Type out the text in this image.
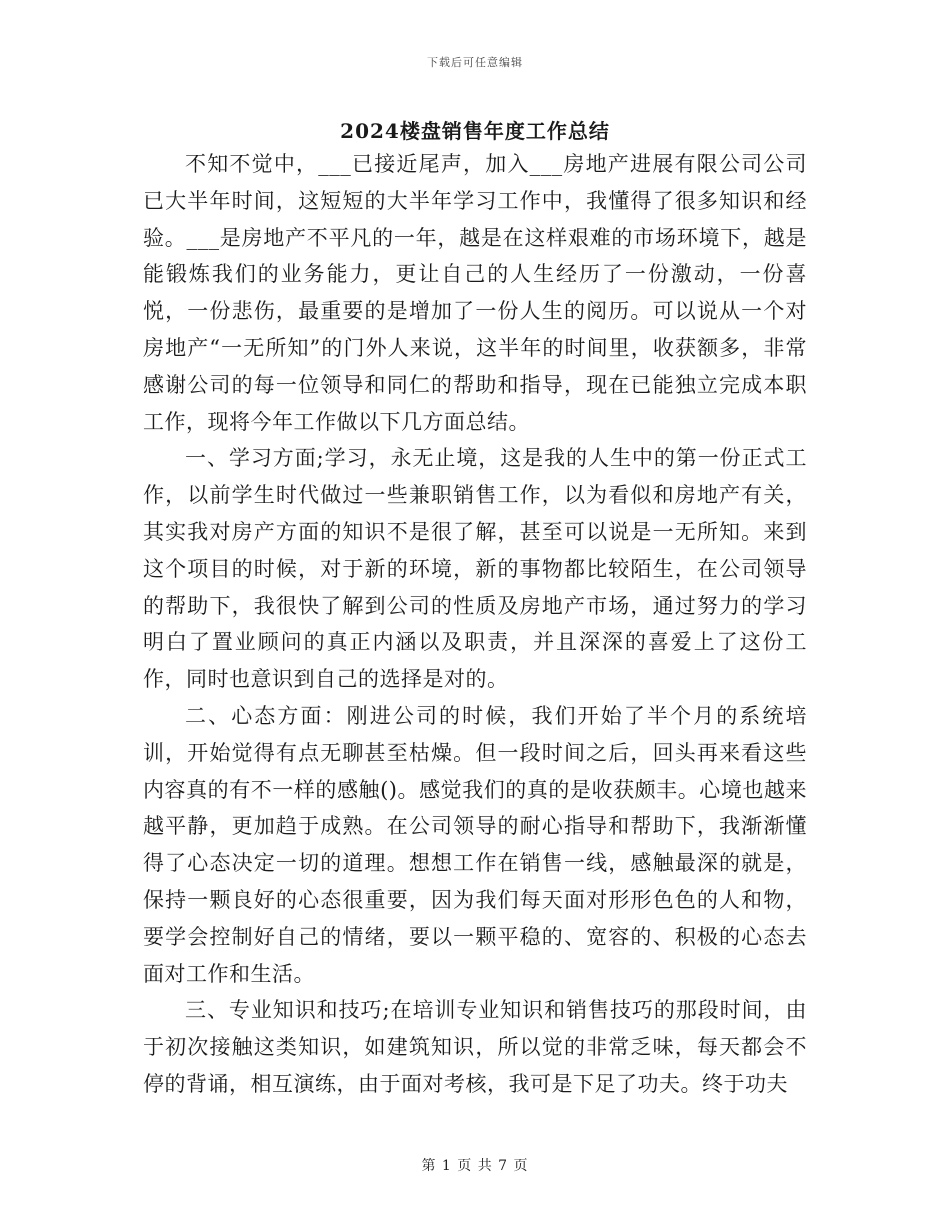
下载后可任意编辑
2024楼盘销售年度工作总结

不知不觉中，___已接近尾声，加入___房地产进展有限公司公司已大半年时间，这短短的大半年学习工作中，我懂得了很多知识和经验。___是房地产不平凡的一年，越是在这样艰难的市场环境下，越是能锻炼我们的业务能力，更让自己的人生经历了一份激动，一份喜悦，一份悲伤，最重要的是增加了一份人生的阅历。可以说从一个对房地产“一无所知”的门外人来说，这半年的时间里，收获额多，非常感谢公司的每一位领导和同仁的帮助和指导，现在已能独立完成本职工作，现将今年工作做以下几方面总结。

一、学习方面;学习，永无止境，这是我的人生中的第一份正式工作，以前学生时代做过一些兼职销售工作，以为看似和房地产有关，其实我对房产方面的知识不是很了解，甚至可以说是一无所知。来到这个项目的时候，对于新的环境，新的事物都比较陌生，在公司领导的帮助下，我很快了解到公司的性质及房地产市场，通过努力的学习明白了置业顾问的真正内涵以及职责，并且深深的喜爱上了这份工作，同时也意识到自己的选择是对的。

二、心态方面：刚进公司的时候，我们开始了半个月的系统培训，开始觉得有点无聊甚至枯燥。但一段时间之后，回头再来看这些内容真的有不一样的感触()。感觉我们的真的是收获颇丰。心境也越来越平静，更加趋于成熟。在公司领导的耐心指导和帮助下，我渐渐懂得了心态决定一切的道理。想想工作在销售一线，感触最深的就是，保持一颗良好的心态很重要，因为我们每天面对形形色色的人和物，要学会控制好自己的情绪，要以一颗平稳的、宽容的、积极的心态去面对工作和生活。

三、专业知识和技巧;在培训专业知识和销售技巧的那段时间，由于初次接触这类知识，如建筑知识，所以觉的非常乏味，每天都会不停的背诵，相互演练，由于面对考核，我可是下足了功夫。终于功夫

第 1 页 共 7 页
